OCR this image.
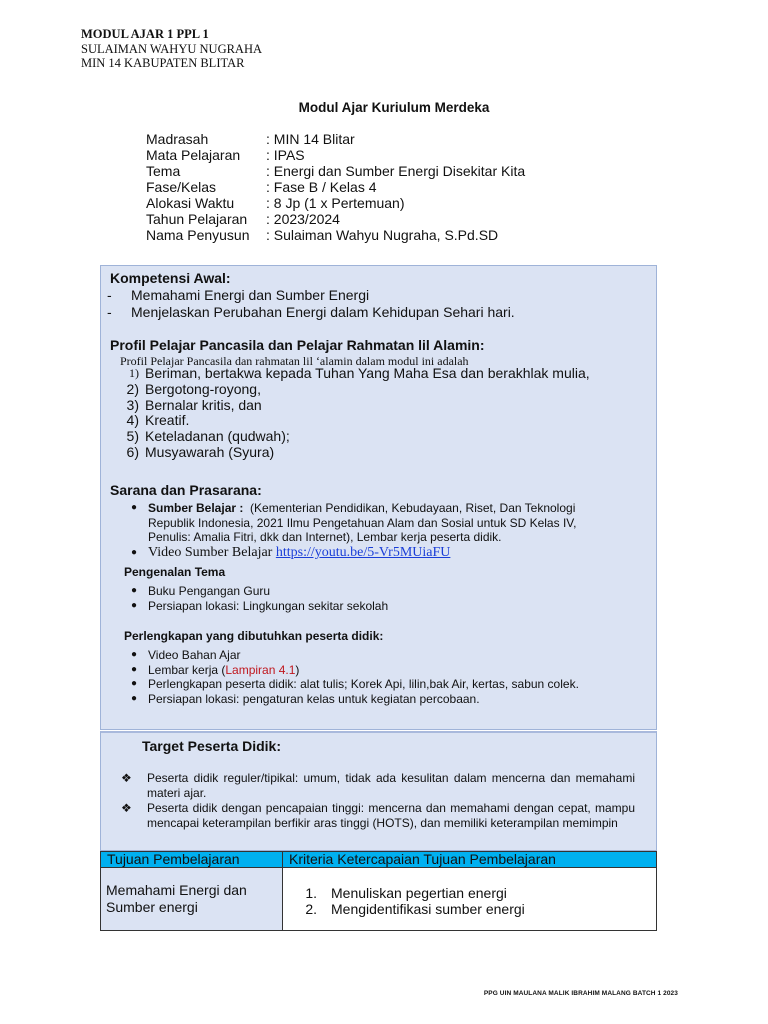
MODUL AJAR 1 PPL 1
SULAIMAN WAHYU NUGRAHA
MIN 14 KABUPATEN BLITAR
Modul Ajar Kuriulum Merdeka
Madrasah	: MIN 14 Blitar
Mata Pelajaran	: IPAS
Tema	: Energi dan Sumber Energi Disekitar Kita
Fase/Kelas	: Fase B / Kelas 4
Alokasi Waktu	: 8 Jp (1 x Pertemuan)
Tahun Pelajaran	: 2023/2024
Nama Penyusun	: Sulaiman Wahyu Nugraha, S.Pd.SD
Kompetensi Awal:
-	Memahami Energi dan Sumber Energi
-	Menjelaskan Perubahan Energi dalam Kehidupan Sehari hari.
Profil Pelajar Pancasila dan Pelajar Rahmatan lil Alamin:
Profil Pelajar Pancasila dan rahmatan lil ‘alamin dalam modul ini adalah
1) Beriman, bertakwa kepada Tuhan Yang Maha Esa dan berakhlak mulia,
2) Bergotong-royong,
3) Bernalar kritis, dan
4) Kreatif.
5) Keteladanan (qudwah);
6) Musyawarah (Syura)
Sarana dan Prasarana:
● Sumber Belajar : (Kementerian Pendidikan, Kebudayaan, Riset, Dan Teknologi Republik Indonesia, 2021 Ilmu Pengetahuan Alam dan Sosial untuk SD Kelas IV, Penulis: Amalia Fitri, dkk dan Internet), Lembar kerja peserta didik.
● Video Sumber Belajar https://youtu.be/5-Vr5MUiaFU
Pengenalan Tema
● Buku Pengangan Guru
● Persiapan lokasi: Lingkungan sekitar sekolah
Perlengkapan yang dibutuhkan peserta didik:
● Video Bahan Ajar
● Lembar kerja (Lampiran 4.1)
● Perlengkapan peserta didik: alat tulis; Korek Api, lilin,bak Air, kertas, sabun colek.
● Persiapan lokasi: pengaturan kelas untuk kegiatan percobaan.
Target Peserta Didik:
❖	Peserta didik reguler/tipikal: umum, tidak ada kesulitan dalam mencerna dan memahami materi ajar.
❖	Peserta didik dengan pencapaian tinggi: mencerna dan memahami dengan cepat, mampu mencapai keterampilan berfikir aras tinggi (HOTS), dan memiliki keterampilan memimpin
Tujuan Pembelajaran	Kriteria Ketercapaian Tujuan Pembelajaran
Memahami Energi dan Sumber energi	1. Menuliskan pegertian energi
2. Mengidentifikasi sumber energi
PPG UIN MAULANA MALIK IBRAHIM MALANG BATCH 1 2023
